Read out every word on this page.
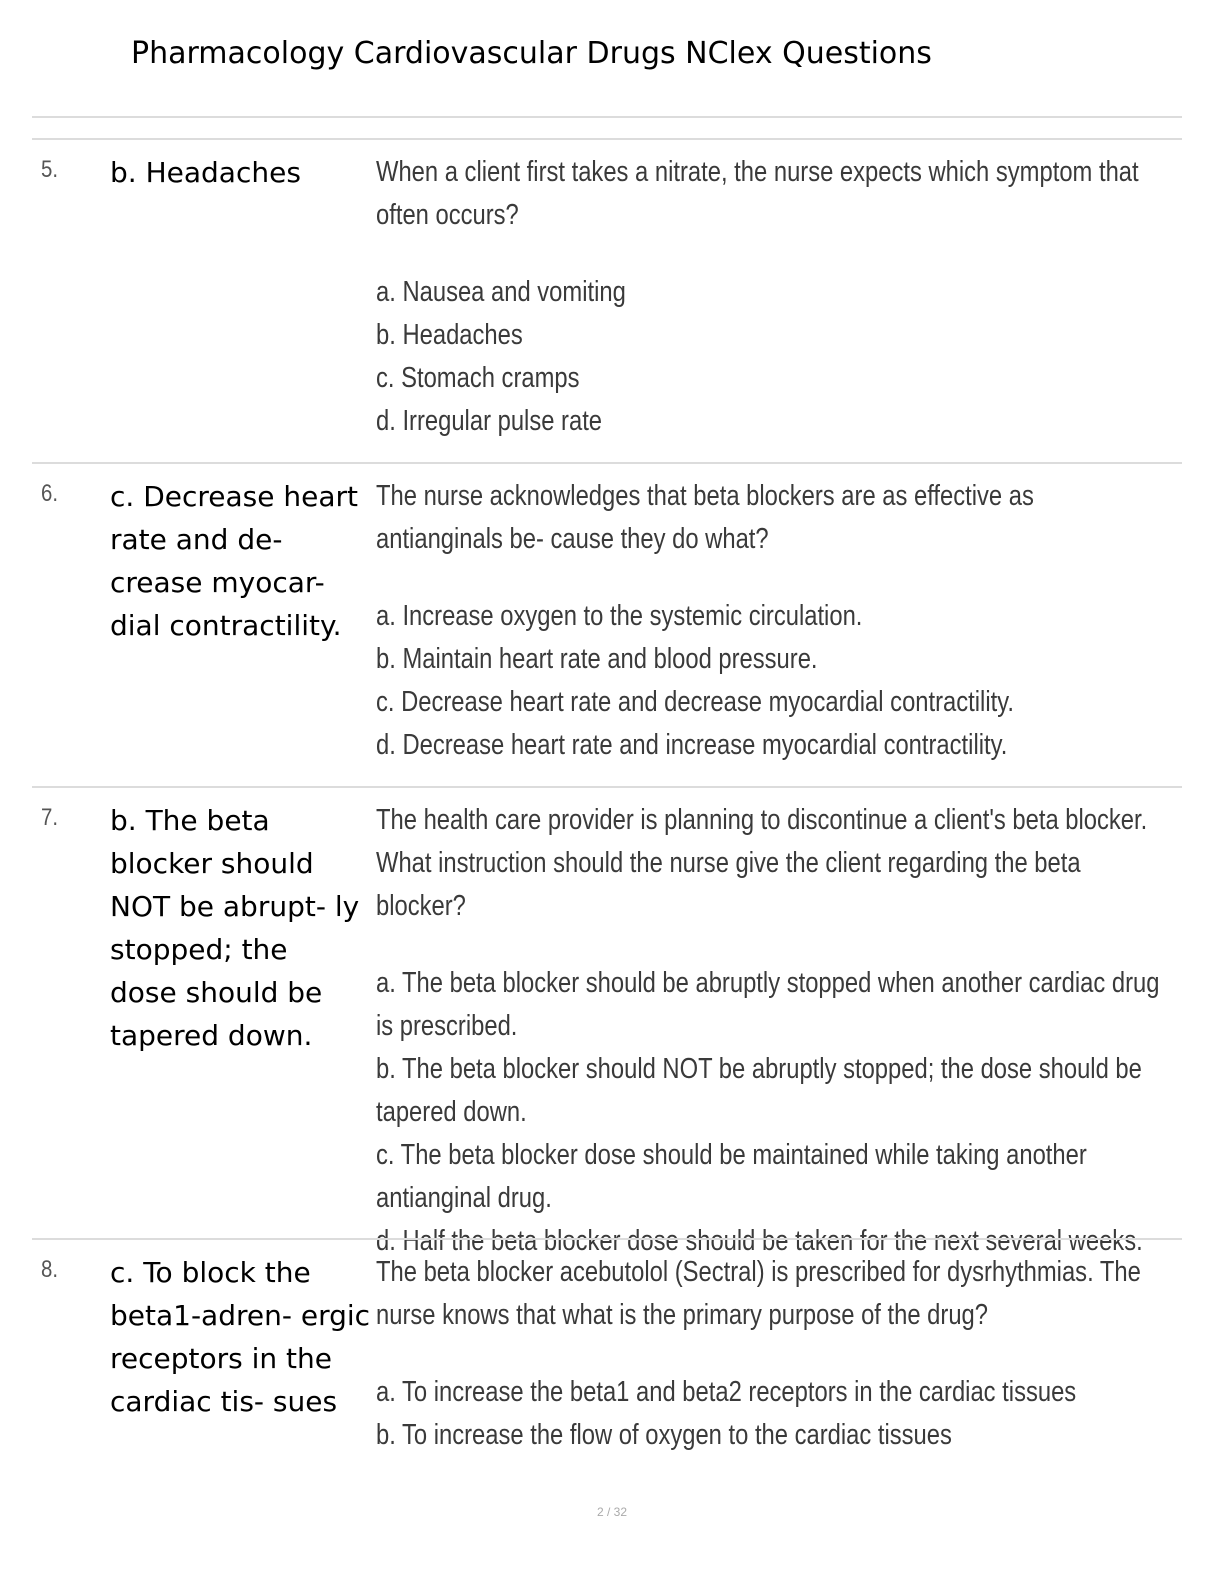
Pharmacology Cardiovascular Drugs NClex Questions
5. b. Headaches	When a client first takes a nitrate, the nurse expects which symptom that often occurs?
a. Nausea and vomiting
b. Headaches
c. Stomach cramps
d. Irregular pulse rate
6. c. Decrease heart rate and de- crease myocar- dial contractility.
The nurse acknowledges that beta blockers are as effective as antianginals be- cause they do what?
a. Increase oxygen to the systemic circulation.
b. Maintain heart rate and blood pressure.
c. Decrease heart rate and decrease myocardial contractility.
d. Decrease heart rate and increase myocardial contractility.
7. b. The beta blocker should NOT be abrupt- ly stopped; the dose should be tapered down.
The health care provider is planning to discontinue a client's beta blocker. What instruction should the nurse give the client regarding the beta blocker?
a. The beta blocker should be abruptly stopped when another cardiac drug is prescribed.
b. The beta blocker should NOT be abruptly stopped; the dose should be tapered down.
c. The beta blocker dose should be maintained while taking another antianginal drug.
d. Half the beta blocker dose should be taken for the next several weeks.
8. c. To block the beta1-adren- ergic receptors in the cardiac tis- sues
The beta blocker acebutolol (Sectral) is prescribed for dysrhythmias. The nurse knows that what is the primary purpose of the drug?
a. To increase the beta1 and beta2 receptors in the cardiac tissues
b. To increase the flow of oxygen to the cardiac tissues
2 / 32
